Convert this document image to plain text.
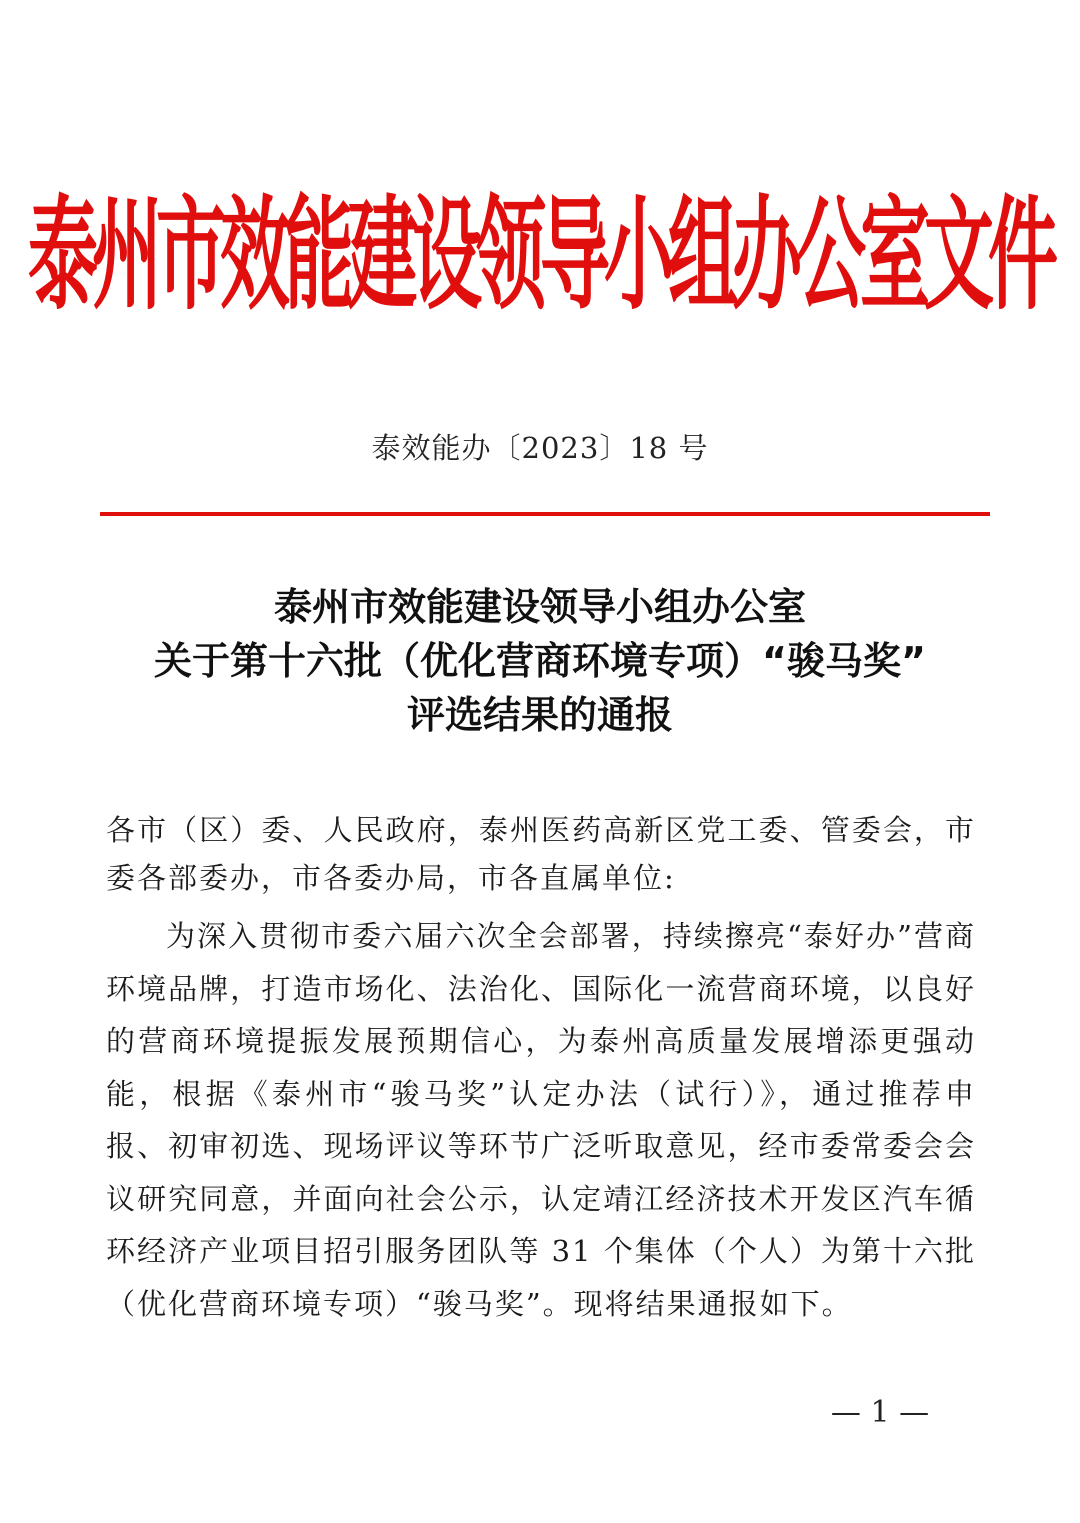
泰州市效能建设领导小组办公室文件
泰效能办〔2023〕18 号
泰州市效能建设领导小组办公室
关于第十六批（优化营商环境专项）“骏马奖”
评选结果的通报
各市（区）委、人民政府，泰州医药高新区党工委、管委会，市委各部委办，市各委办局，市各直属单位:
为深入贯彻市委六届六次全会部署，持续擦亮“泰好办”营商环境品牌，打造市场化、法治化、国际化一流营商环境，以良好的营商环境提振发展预期信心，为泰州高质量发展增添更强动能，根据《泰州市“骏马奖”认定办法（试行）》，通过推荐申报、初审初选、现场评议等环节广泛听取意见，经市委常委会会议研究同意，并面向社会公示，认定靖江经济技术开发区汽车循环经济产业项目招引服务团队等 31 个集体（个人）为第十六批（优化营商环境专项）“骏马奖”。现将结果通报如下。
— 1 —
